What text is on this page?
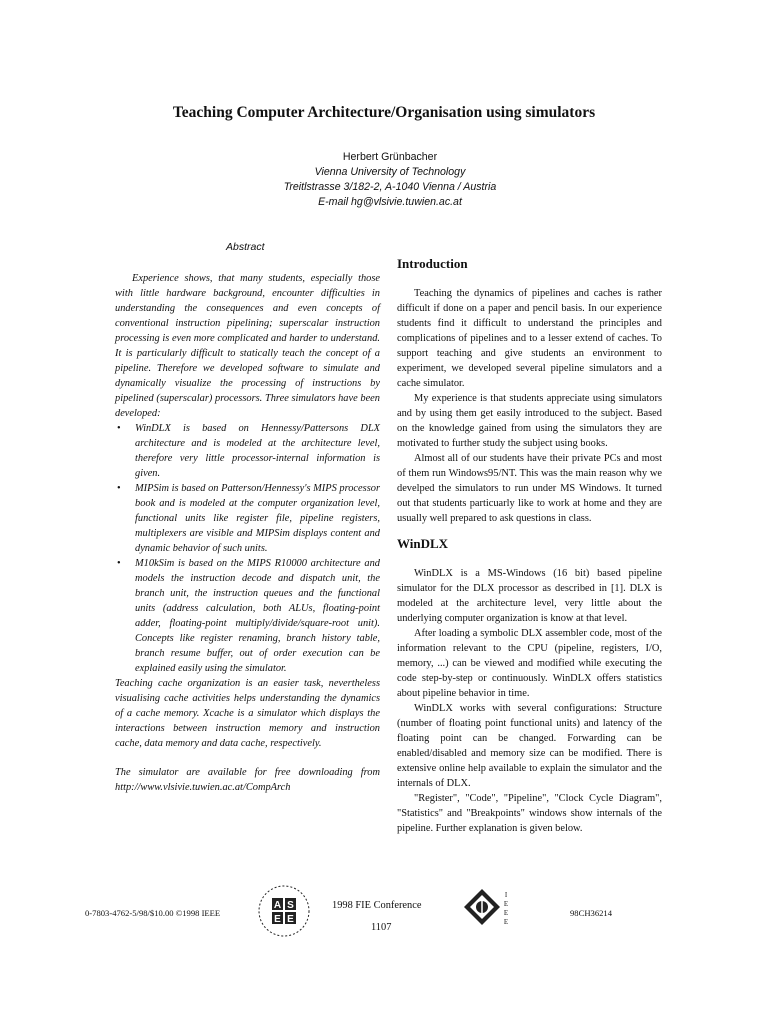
Teaching Computer Architecture/Organisation using simulators
Herbert Grünbacher
Vienna University of Technology
Treitlstrasse 3/182-2, A-1040 Vienna / Austria
E-mail hg@vlsivie.tuwien.ac.at
Abstract

Experience shows, that many students, especially those with little hardware background, encounter difficulties in understanding the consequences and even concepts of conventional instruction pipelining; superscalar instruction processing is even more complicated and harder to understand. It is particularly difficult to statically teach the concept of a pipeline. Therefore we developed software to simulate and dynamically visualize the processing of instructions by pipelined (superscalar) processors. Three simulators have been developed:

• WinDLX is based on Hennessy/Pattersons DLX architecture and is modeled at the architecture level, therefore very little processor-internal information is given.
• MIPSim is based on Patterson/Hennessy's MIPS processor book and is modeled at the computer organization level, functional units like register file, pipeline registers, multiplexers are visible and MIPSim displays content and dynamic behavior of such units.
• M10kSim is based on the MIPS R10000 architecture and models the instruction decode and dispatch unit, the branch unit, the instruction queues and the functional units (address calculation, both ALUs, floating-point adder, floating-point multiply/divide/square-root unit). Concepts like register renaming, branch history table, branch resume buffer, out of order execution can be explained easily using the simulator.

Teaching cache organization is an easier task, nevertheless visualising cache activities helps understanding the dynamics of a cache memory. Xcache is a simulator which displays the interactions between instruction memory and instruction cache, data memory and data cache, respectively.

The simulator are available for free downloading from http://www.vlsivie.tuwien.ac.at/CompArch

Introduction

Teaching the dynamics of pipelines and caches is rather difficult if done on a paper and pencil basis. In our experience students find it difficult to understand the principles and complications of pipelines and to a lesser extend of caches. To support teaching and give students an environment to experiment, we developed several pipeline simulators and a cache simulator.

My experience is that students appreciate using simulators and by using them get easily introduced to the subject. Based on the knowledge gained from using the simulators they are motivated to further study the subject using books.

Almost all of our students have their private PCs and most of them run Windows95/NT. This was the main reason why we develped the simulators to run under MS Windows. It turned out that students particuarly like to work at home and they are usually well prepared to ask questions in class.

WinDLX

WinDLX is a MS-Windows (16 bit) based pipeline simulator for the DLX processor as described in [1]. DLX is modeled at the architecture level, very little about the underlying computer organization is know at that level.

After loading a symbolic DLX assembler code, most of the information relevant to the CPU (pipeline, registers, I/O, memory, ...) can be viewed and modified while executing the code step-by-step or continuously. WinDLX offers statistics about pipeline behavior in time.

WinDLX works with several configurations: Structure (number of floating point functional units) and latency of the floating point can be changed. Forwarding can be enabled/disabled and memory size can be modified. There is extensive online help available to explain the simulator and the internals of DLX.

"Register", "Code", "Pipeline", "Clock Cycle Diagram", "Statistics" and "Breakpoints" windows show internals of the pipeline. Further explanation is given below.

0-7803-4762-5/98/$10.00 ©1998 IEEE
A S
E E
1998 FIE Conference
1107
I
E
E
E
98CH36214
